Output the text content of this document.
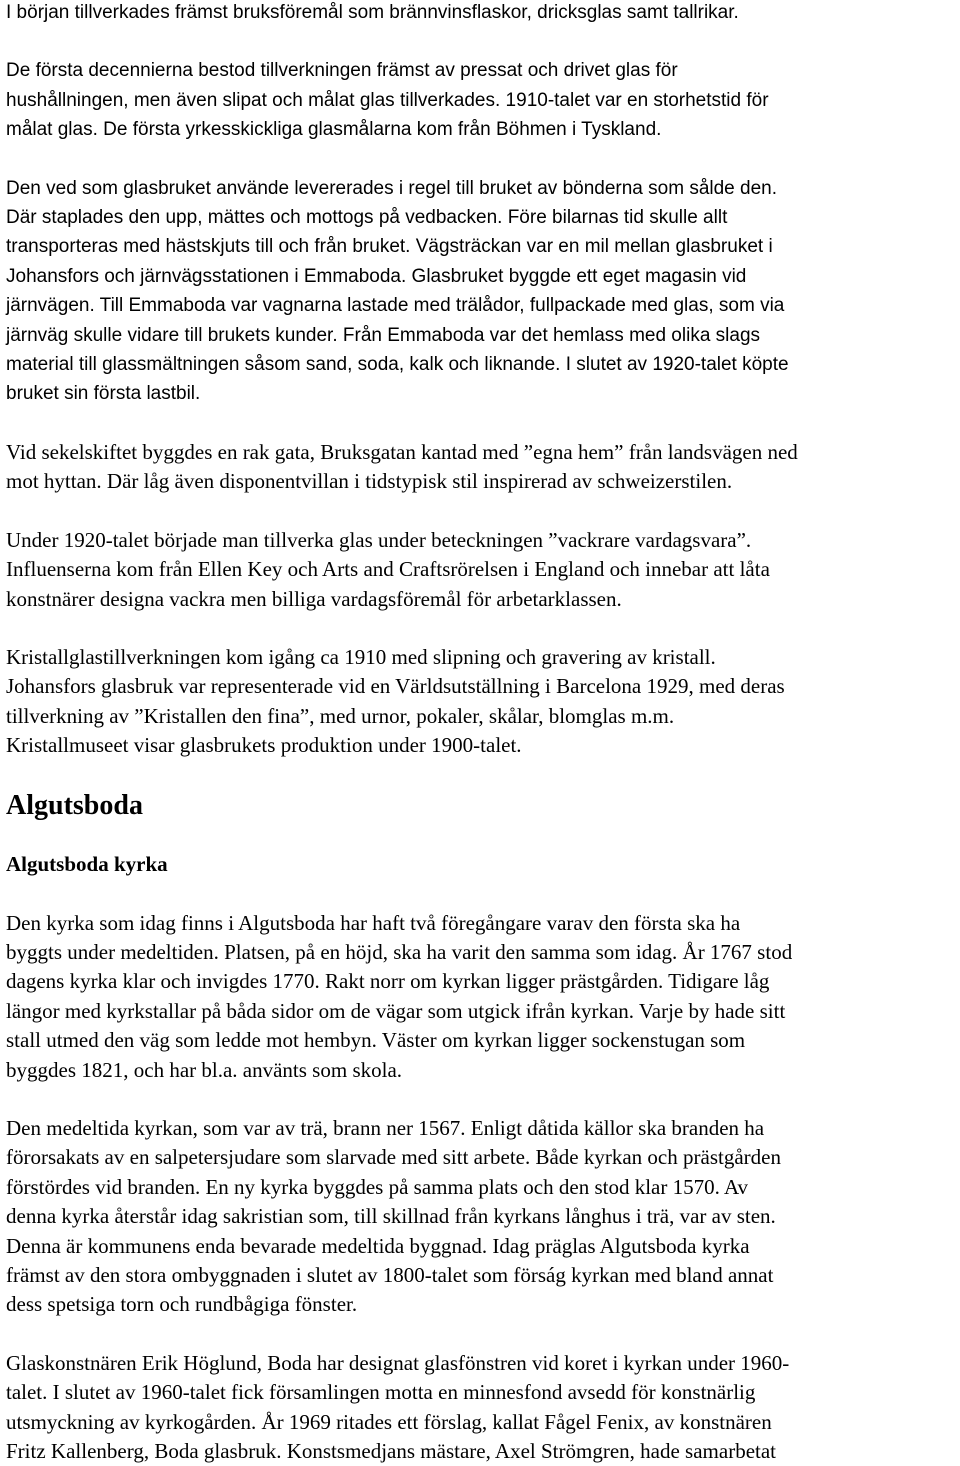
I början tillverkades främst bruksföremål som brännvinsflaskor, dricksglas samt tallrikar.
De första decennierna bestod tillverkningen främst av pressat och drivet glas för
hushållningen, men även slipat och målat glas tillverkades. 1910-talet var en storhetstid för
målat glas. De första yrkesskickliga glasmålarna kom från Böhmen i Tyskland.
Den ved som glasbruket använde levererades i regel till bruket av bönderna som sålde den.
Där staplades den upp, mättes och mottogs på vedbacken. Före bilarnas tid skulle allt
transporteras med hästskjuts till och från bruket. Vägsträckan var en mil mellan glasbruket i
Johansfors och järnvägsstationen i Emmaboda. Glasbruket byggde ett eget magasin vid
järnvägen. Till Emmaboda var vagnarna lastade med trälådor, fullpackade med glas, som via
järnväg skulle vidare till brukets kunder. Från Emmaboda var det hemlass med olika slags
material till glassmältningen såsom sand, soda, kalk och liknande. I slutet av 1920-talet köpte
bruket sin första lastbil.
Vid sekelskiftet byggdes en rak gata, Bruksgatan kantad med ”egna hem” från landsvägen ned
mot hyttan. Där låg även disponentvillan i tidstypisk stil inspirerad av schweizerstilen.
Under 1920-talet började man tillverka glas under beteckningen ”vackrare vardagsvara”.
Influenserna kom från Ellen Key och Arts and Craftsrörelsen i England och innebar att låta
konstnärer designa vackra men billiga vardagsföremål för arbetarklassen.
Kristallglastillverkningen kom igång ca 1910 med slipning och gravering av kristall.
Johansfors glasbruk var representerade vid en Världsutställning i Barcelona 1929, med deras
tillverkning av ”Kristallen den fina”, med urnor, pokaler, skålar, blomglas m.m.
Kristallmuseet visar glasbrukets produktion under 1900-talet.
Algutsboda
Algutsboda kyrka
Den kyrka som idag finns i Algutsboda har haft två föregångare varav den första ska ha
byggts under medeltiden. Platsen, på en höjd, ska ha varit den samma som idag. År 1767 stod
dagens kyrka klar och invigdes 1770. Rakt norr om kyrkan ligger prästgården. Tidigare låg
längor med kyrkstallar på båda sidor om de vägar som utgick ifrån kyrkan. Varje by hade sitt
stall utmed den väg som ledde mot hembyn. Väster om kyrkan ligger sockenstugan som
byggdes 1821, och har bl.a. använts som skola.
Den medeltida kyrkan, som var av trä, brann ner 1567. Enligt dåtida källor ska branden ha
förorsakats av en salpetersjudare som slarvade med sitt arbete. Både kyrkan och prästgården
förstördes vid branden. En ny kyrka byggdes på samma plats och den stod klar 1570. Av
denna kyrka återstår idag sakristian som, till skillnad från kyrkans långhus i trä, var av sten.
Denna är kommunens enda bevarade medeltida byggnad. Idag präglas Algutsboda kyrka
främst av den stora ombyggnaden i slutet av 1800-talet som förság kyrkan med bland annat
dess spetsiga torn och rundbågiga fönster.
Glaskonstnären Erik Höglund, Boda har designat glasfönstren vid koret i kyrkan under 1960-
talet. I slutet av 1960-talet fick församlingen motta en minnesfond avsedd för konstnärlig
utsmyckning av kyrkogården. År 1969 ritades ett förslag, kallat Fågel Fenix, av konstnären
Fritz Kallenberg, Boda glasbruk. Konstsmedjans mästare, Axel Strömgren, hade samarbetat
